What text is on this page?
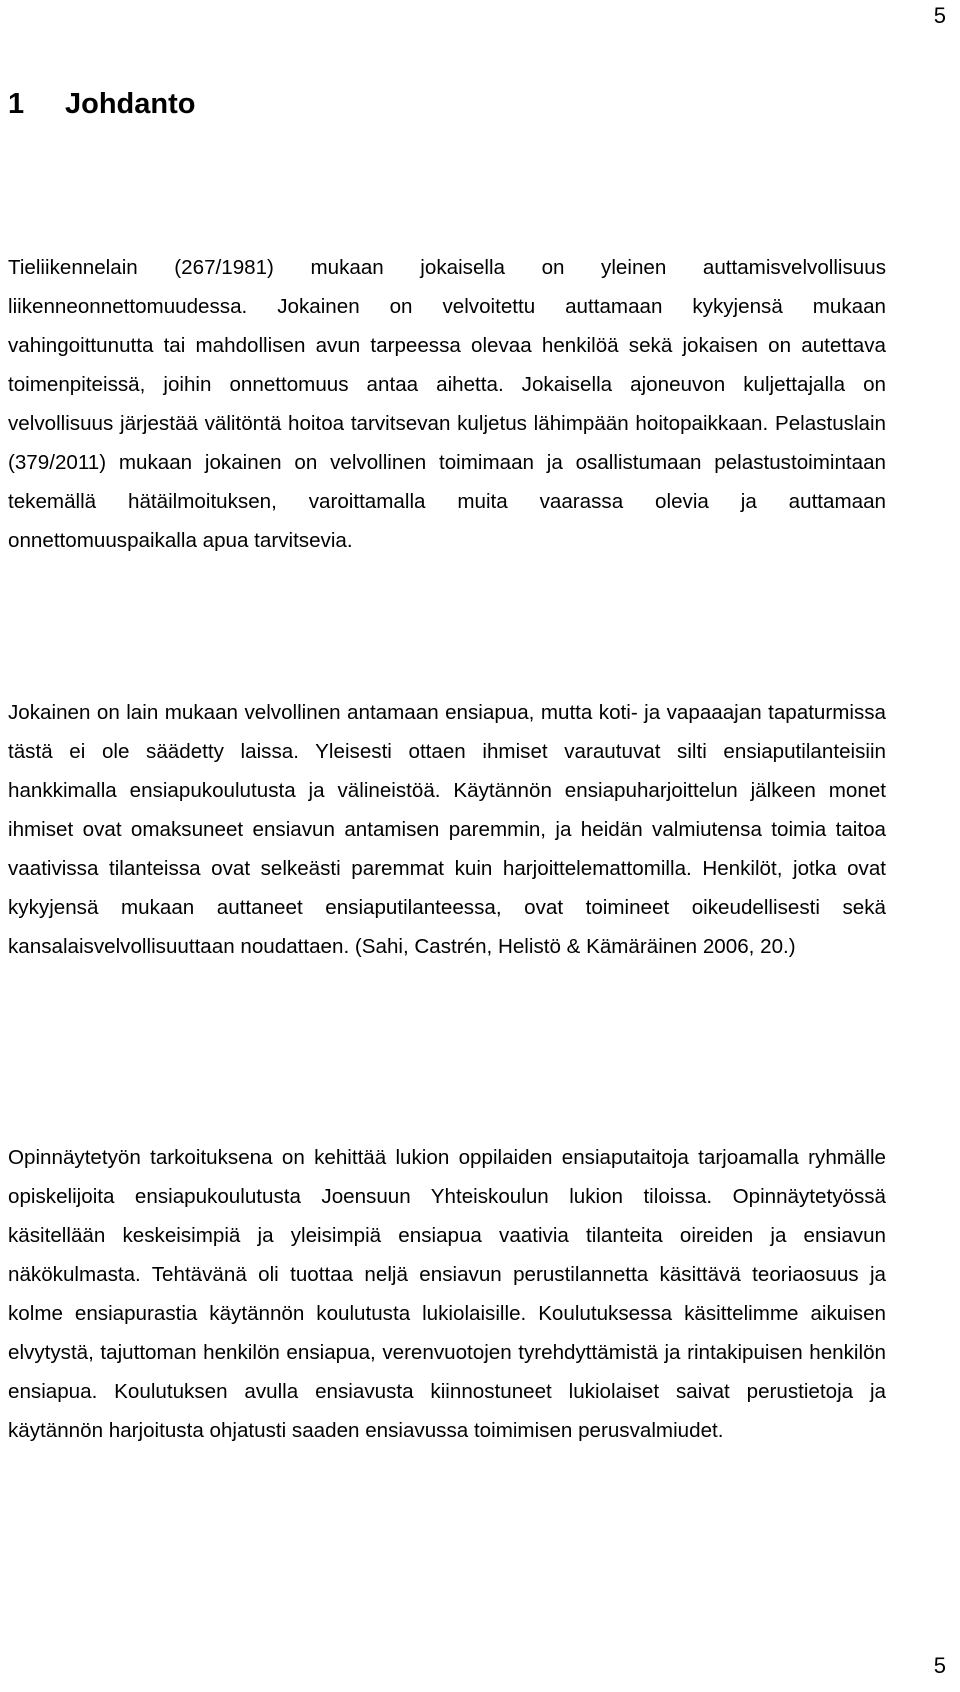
5
1 Johdanto

Tieliikennelain (267/1981) mukaan jokaisella on yleinen auttamisvelvollisuus liikenneonnettomuudessa. Jokainen on velvoitettu auttamaan kykyjensä mukaan vahingoittunutta tai mahdollisen avun tarpeessa olevaa henkilöä sekä jokaisen on autettava toimenpiteissä, joihin onnettomuus antaa aihetta. Jokaisella ajoneuvon kuljettajalla on velvollisuus järjestää välitöntä hoitoa tarvitsevan kuljetus lähimpään hoitopaikkaan. Pelastuslain (379/2011) mukaan jokainen on velvollinen toimimaan ja osallistumaan pelastustoimintaan tekemällä hätäilmoituksen, varoittamalla muita vaarassa olevia ja auttamaan onnettomuuspaikalla apua tarvitsevia.

Jokainen on lain mukaan velvollinen antamaan ensiapua, mutta koti- ja vapaaajan tapaturmissa tästä ei ole säädetty laissa. Yleisesti ottaen ihmiset varautuvat silti ensiaputilanteisiin hankkimalla ensiapukoulutusta ja välineistöä. Käytännön ensiapuharjoittelun jälkeen monet ihmiset ovat omaksuneet ensiavun antamisen paremmin, ja heidän valmiutensa toimia taitoa vaativissa tilanteissa ovat selkeästi paremmat kuin harjoittelemattomilla. Henkilöt, jotka ovat kykyjensä mukaan auttaneet ensiaputilanteessa, ovat toimineet oikeudellisesti sekä kansalaisvelvollisuuttaan noudattaen. (Sahi, Castrén, Helistö & Kämäräinen 2006, 20.)

Opinnäytetyön tarkoituksena on kehittää lukion oppilaiden ensiaputaitoja tarjoamalla ryhmälle opiskelijoita ensiapukoulutusta Joensuun Yhteiskoulun lukion tiloissa. Opinnäytetyössä käsitellään keskeisimpiä ja yleisimpiä ensiapua vaativia tilanteita oireiden ja ensiavun näkökulmasta. Tehtävänä oli tuottaa neljä ensiavun perustilannetta käsittävä teoriaosuus ja kolme ensiapurastia käytännön koulutusta lukiolaisille. Koulutuksessa käsittelimme aikuisen elvytystä, tajuttoman henkilön ensiapua, verenvuotojen tyrehdyttämistä ja rintakipuisen henkilön ensiapua. Koulutuksen avulla ensiavusta kiinnostuneet lukiolaiset saivat perustietoja ja käytännön harjoitusta ohjatusti saaden ensiavussa toimimisen perusvalmiudet.

5
